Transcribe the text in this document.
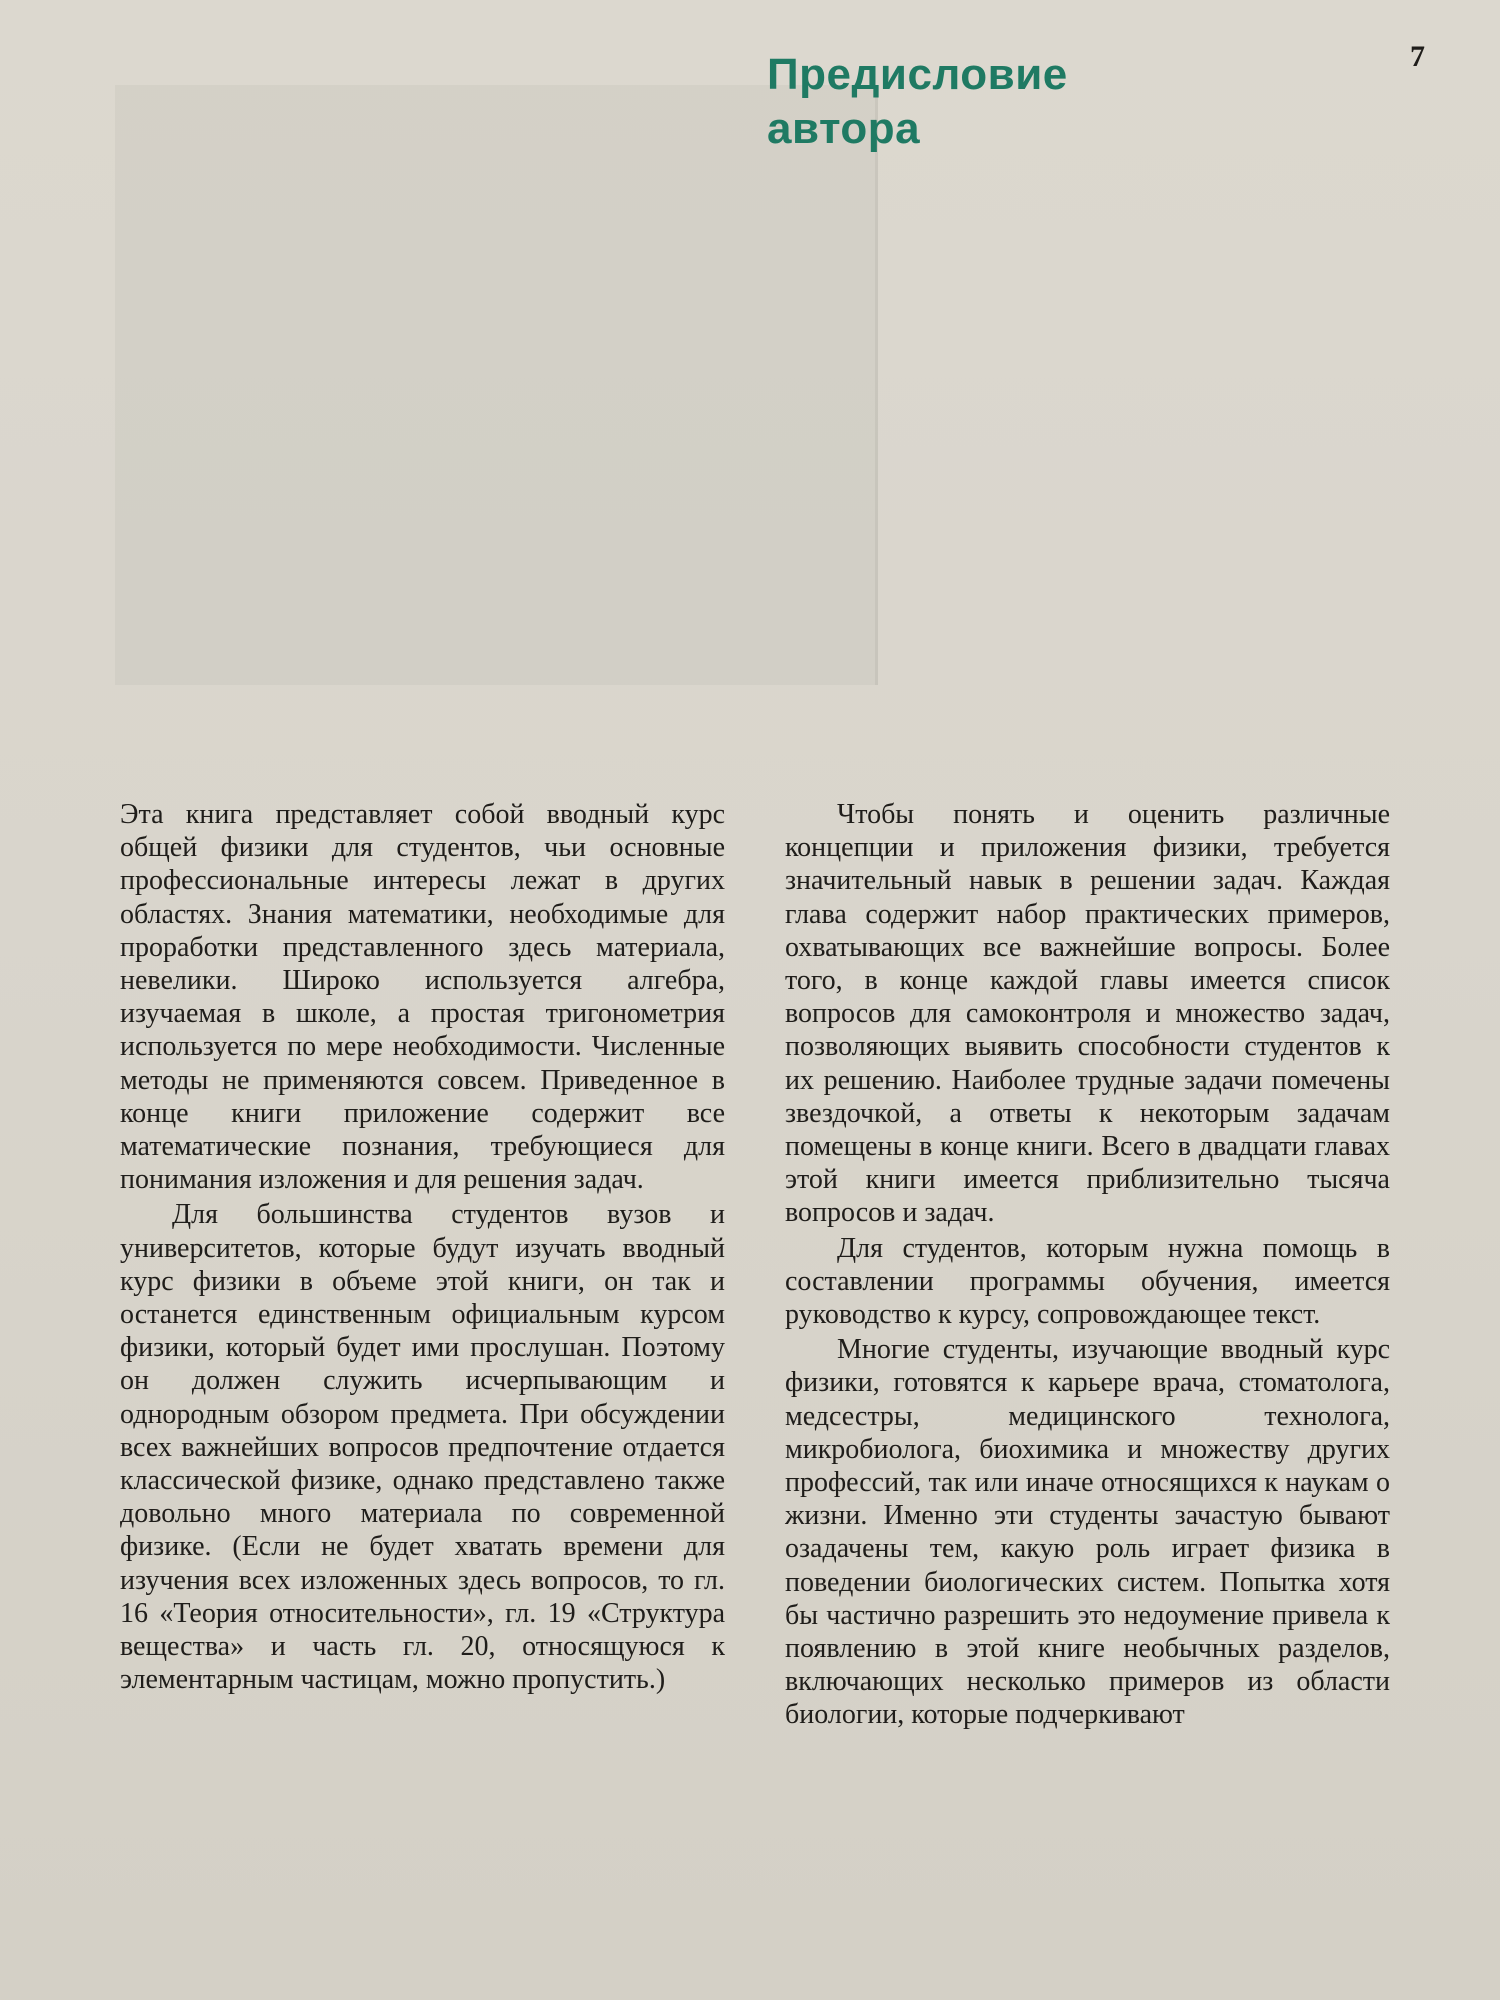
7
Предисловие
автора

Эта книга представляет собой вводный курс общей физики для студентов, чьи основные профессиональные интересы лежат в других областях. Знания математики, необходимые для проработки представленного здесь материала, невелики. Широко используется алгебра, изучаемая в школе, а простая тригонометрия используется по мере необходимости. Численные методы не применяются совсем. Приведенное в конце книги приложение содержит все математические познания, требующиеся для понимания изложения и для решения задач.

Для большинства студентов вузов и университетов, которые будут изучать вводный курс физики в объеме этой книги, он так и останется единственным официальным курсом физики, который будет ими прослушан. Поэтому он должен служить исчерпывающим и однородным обзором предмета. При обсуждении всех важнейших вопросов предпочтение отдается классической физике, однако представлено также довольно много материала по современной физике. (Если не будет хватать времени для изучения всех изложенных здесь вопросов, то гл. 16 «Теория относительности», гл. 19 «Структура вещества» и часть гл. 20, относящуюся к элементарным частицам, можно пропустить.)

Чтобы понять и оценить различные концепции и приложения физики, требуется значительный навык в решении задач. Каждая глава содержит набор практических примеров, охватывающих все важнейшие вопросы. Более того, в конце каждой главы имеется список вопросов для самоконтроля и множество задач, позволяющих выявить способности студентов к их решению. Наиболее трудные задачи помечены звездочкой, а ответы к некоторым задачам помещены в конце книги. Всего в двадцати главах этой книги имеется приблизительно тысяча вопросов и задач.

Для студентов, которым нужна помощь в составлении программы обучения, имеется руководство к курсу, сопровождающее текст.

Многие студенты, изучающие вводный курс физики, готовятся к карьере врача, стоматолога, медсестры, медицинского технолога, микробиолога, биохимика и множеству других профессий, так или иначе относящихся к наукам о жизни. Именно эти студенты зачастую бывают озадачены тем, какую роль играет физика в поведении биологических систем. Попытка хотя бы частично разрешить это недоумение привела к появлению в этой книге необычных разделов, включающих несколько примеров из области биологии, которые подчеркивают
